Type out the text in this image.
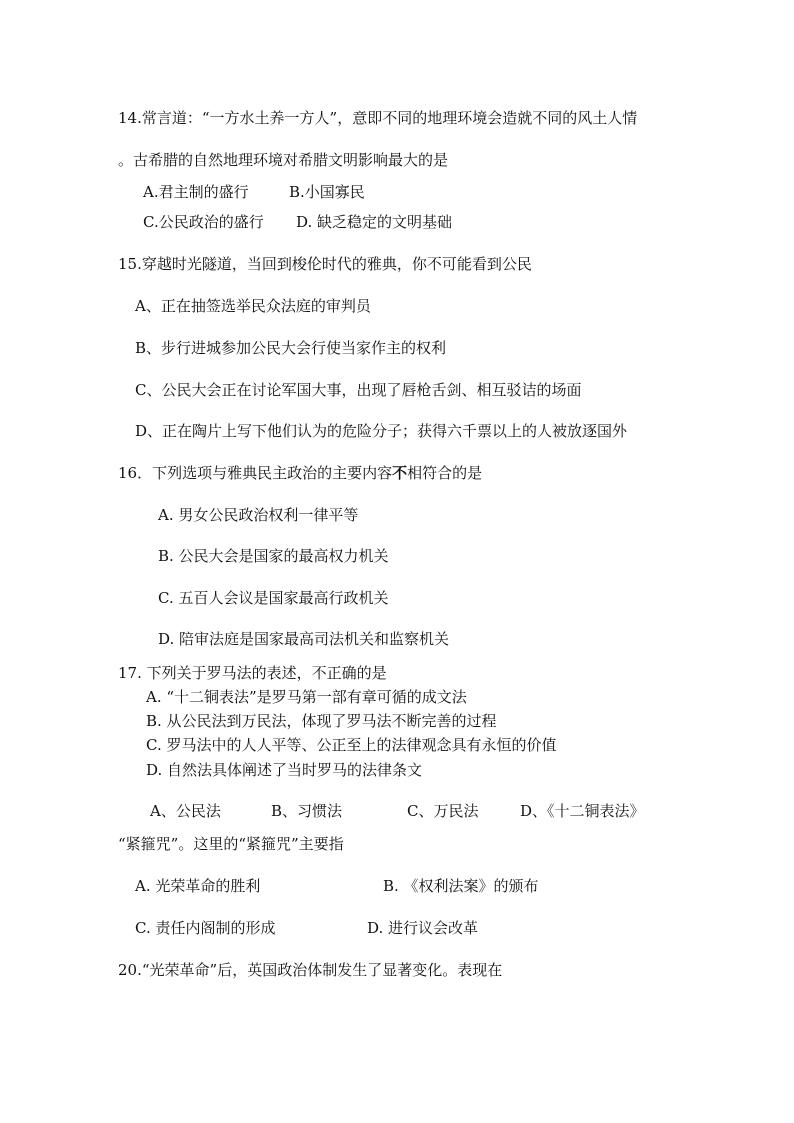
14.常言道：“一方水土养一方人”，意即不同的地理环境会造就不同的风土人情
。古希腊的自然地理环境对希腊文明影响最大的是
A.君主制的盛行	B.小国寡民
C.公民政治的盛行 D. 缺乏稳定的文明基础
15.穿越时光隧道，当回到梭伦时代的雅典，你不可能看到公民
A、正在抽签选举民众法庭的审判员
B、步行进城参加公民大会行使当家作主的权利
C、公民大会正在讨论军国大事，出现了唇枪舌剑、相互驳诘的场面
D、正在陶片上写下他们认为的危险分子；获得六千票以上的人被放逐国外
16．下列选项与雅典民主政治的主要内容不相符合的是
A. 男女公民政治权利一律平等
B. 公民大会是国家的最高权力机关
C. 五百人会议是国家最高行政机关
D. 陪审法庭是国家最高司法机关和监察机关
17. 下列关于罗马法的表述，不正确的是
A. “十二铜表法”是罗马第一部有章可循的成文法
B. 从公民法到万民法，体现了罗马法不断完善的过程
C. 罗马法中的人人平等、公正至上的法律观念具有永恒的价值
D. 自然法具体阐述了当时罗马的法律条文
A、公民法	B、习惯法	C、万民法	D、《十二铜表法》
“紧箍咒”。这里的“紧箍咒”主要指
A. 光荣革命的胜利	B. 《权利法案》的颁布
C. 责任内阁制的形成	D. 进行议会改革
20.“光荣革命”后，英国政治体制发生了显著变化。表现在
